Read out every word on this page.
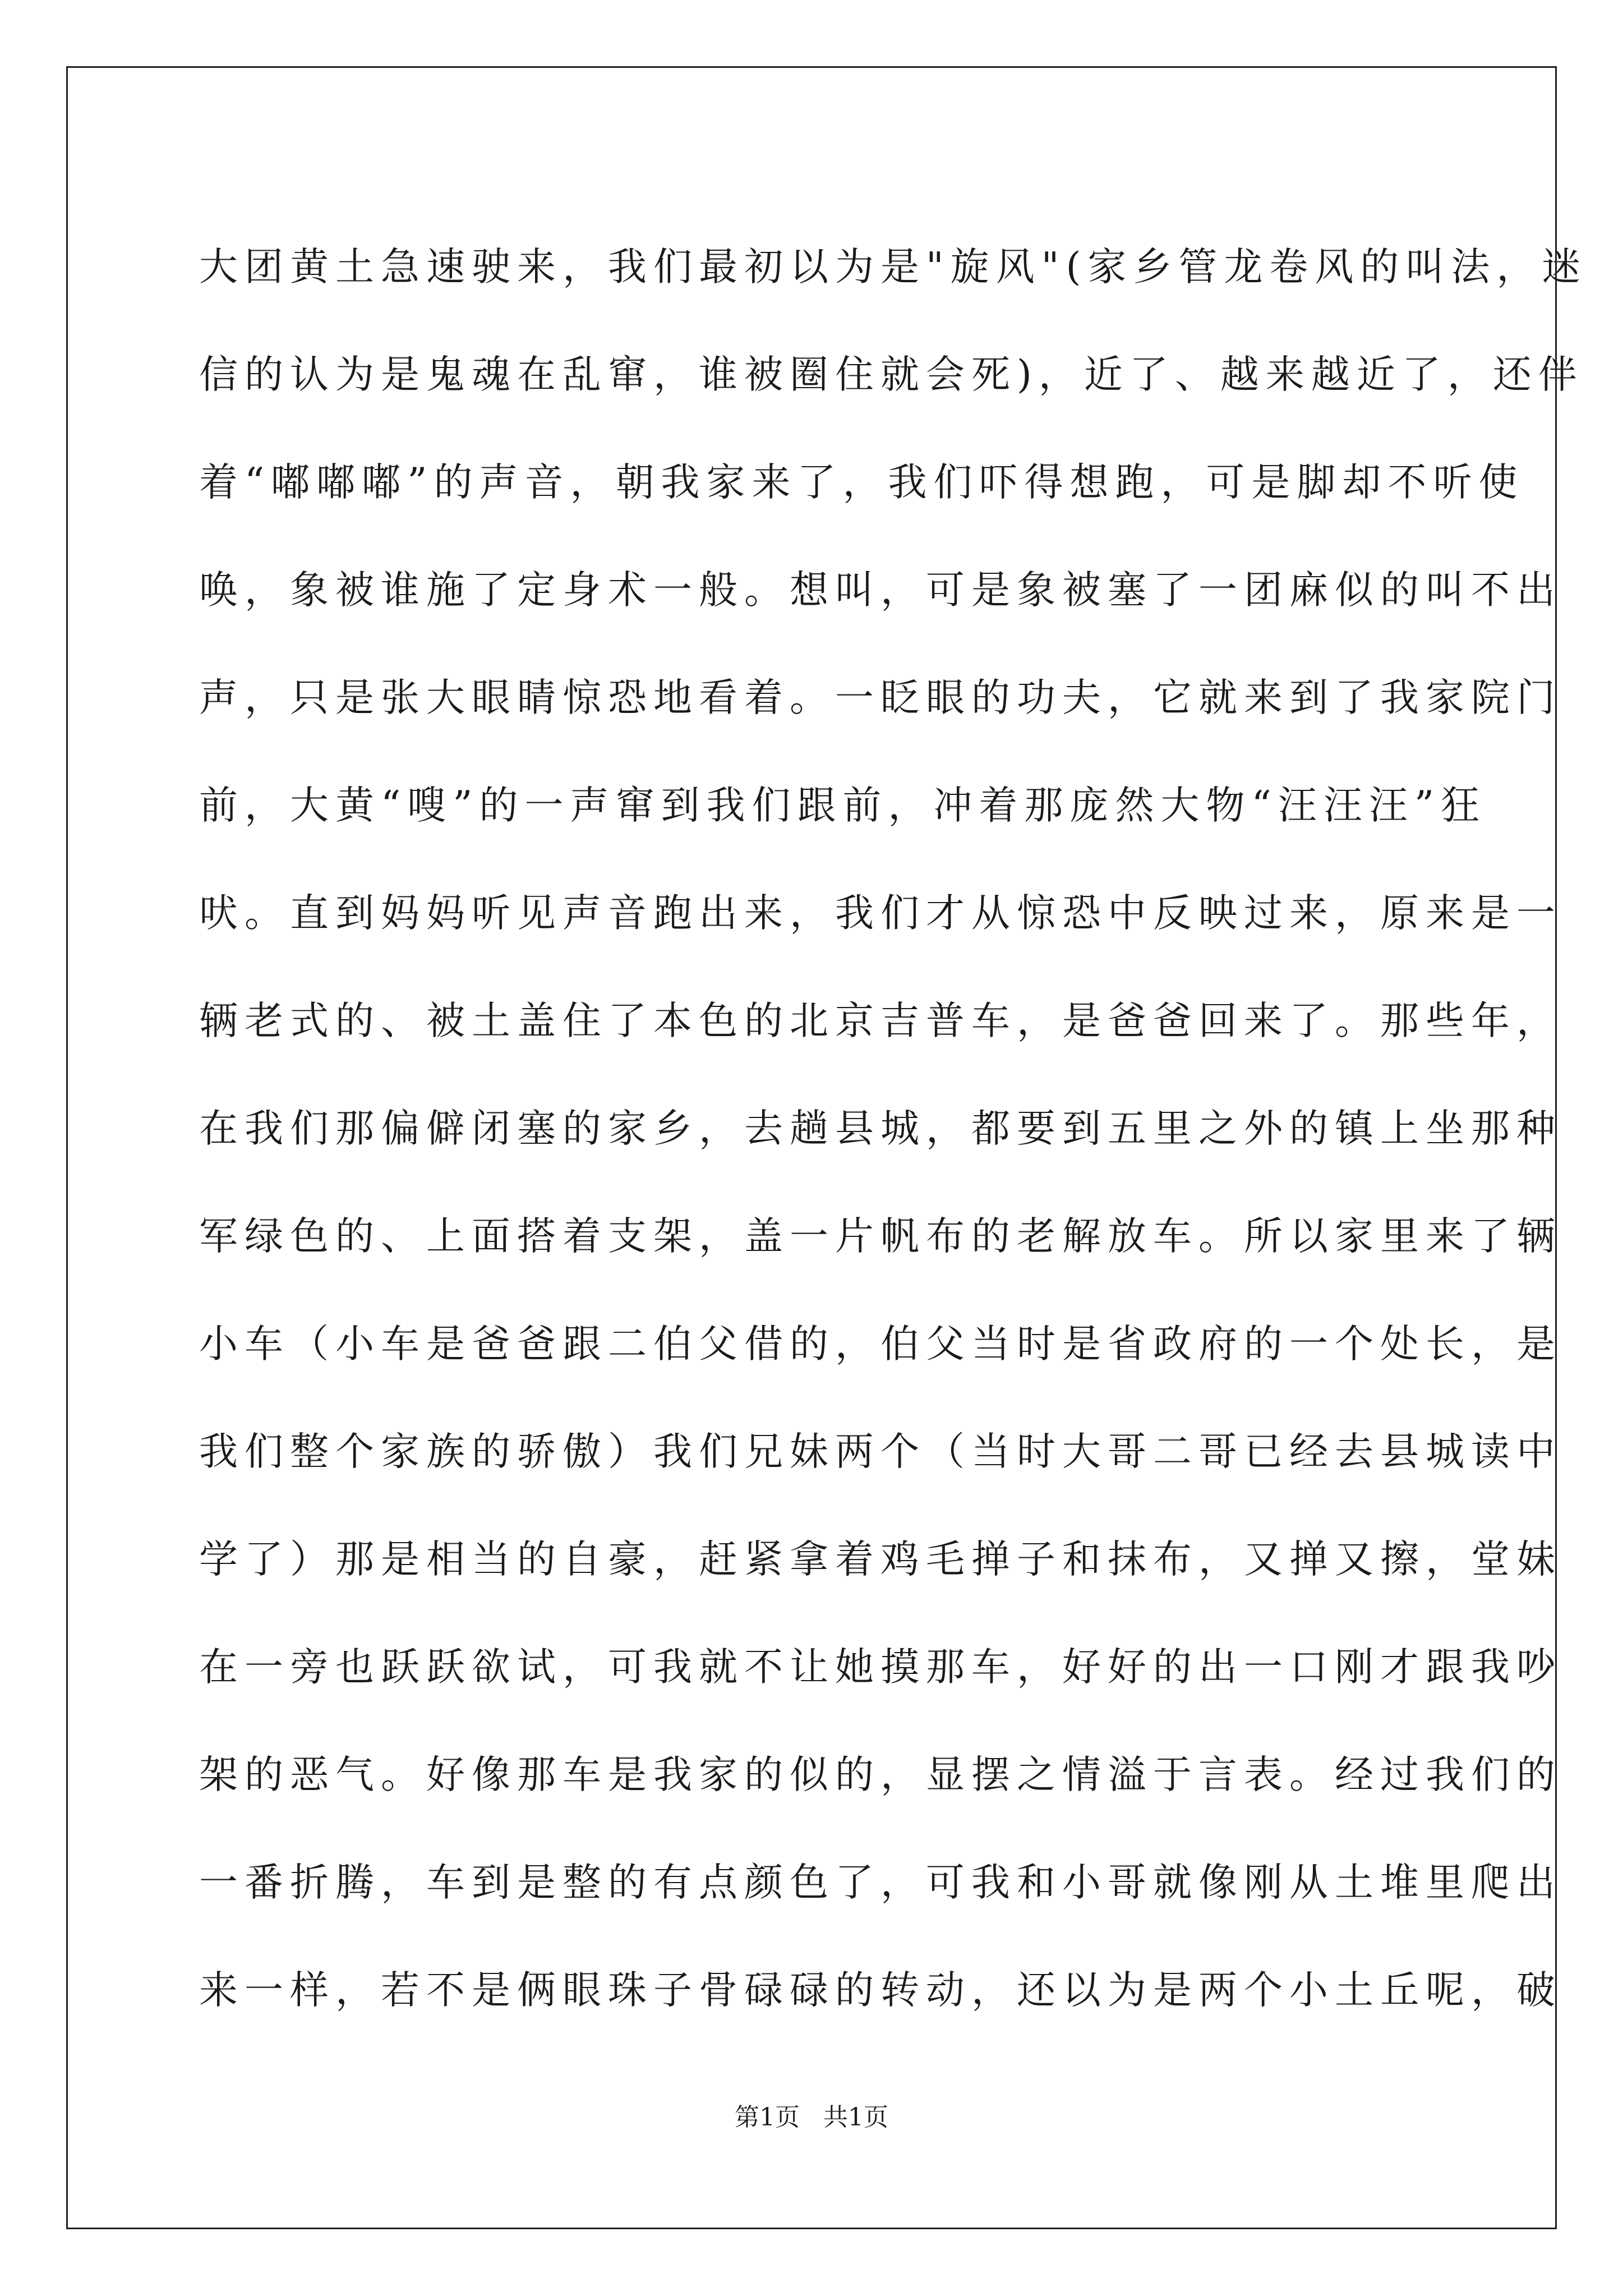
大团黄土急速驶来，我们最初以为是"旋风"(家乡管龙卷风的叫法，迷
信的认为是鬼魂在乱窜，谁被圈住就会死)，近了、越来越近了，还伴
着“嘟嘟嘟”的声音，朝我家来了，我们吓得想跑，可是脚却不听使
唤，象被谁施了定身术一般。想叫，可是象被塞了一团麻似的叫不出
声，只是张大眼睛惊恐地看着。一眨眼的功夫，它就来到了我家院门
前，大黄“嗖”的一声窜到我们跟前，冲着那庞然大物“汪汪汪”狂
吠。直到妈妈听见声音跑出来，我们才从惊恐中反映过来，原来是一
辆老式的、被土盖住了本色的北京吉普车，是爸爸回来了。那些年，
在我们那偏僻闭塞的家乡，去趟县城，都要到五里之外的镇上坐那种
军绿色的、上面搭着支架，盖一片帆布的老解放车。所以家里来了辆
小车（小车是爸爸跟二伯父借的，伯父当时是省政府的一个处长，是
我们整个家族的骄傲）我们兄妹两个（当时大哥二哥已经去县城读中
学了）那是相当的自豪，赶紧拿着鸡毛掸子和抹布，又掸又擦，堂妹
在一旁也跃跃欲试，可我就不让她摸那车，好好的出一口刚才跟我吵
架的恶气。好像那车是我家的似的，显摆之情溢于言表。经过我们的
一番折腾，车到是整的有点颜色了，可我和小哥就像刚从土堆里爬出
来一样，若不是俩眼珠子骨碌碌的转动，还以为是两个小土丘呢，破
第1页   共1页
